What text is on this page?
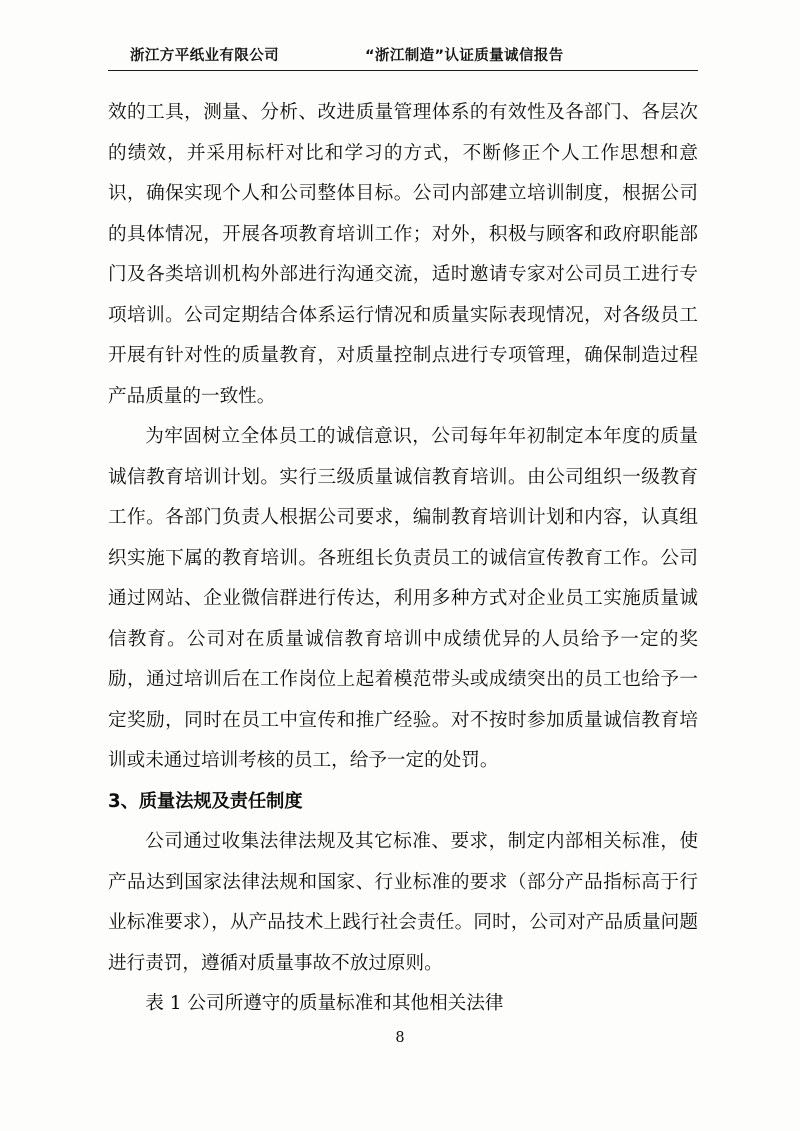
浙江方平纸业有限公司	“浙江制造”认证质量诚信报告

效的工具，测量、分析、改进质量管理体系的有效性及各部门、各层次的绩效，并采用标杆对比和学习的方式，不断修正个人工作思想和意识，确保实现个人和公司整体目标。公司内部建立培训制度，根据公司的具体情况，开展各项教育培训工作；对外，积极与顾客和政府职能部门及各类培训机构外部进行沟通交流，适时邀请专家对公司员工进行专项培训。公司定期结合体系运行情况和质量实际表现情况，对各级员工开展有针对性的质量教育，对质量控制点进行专项管理，确保制造过程产品质量的一致性。

为牢固树立全体员工的诚信意识，公司每年年初制定本年度的质量诚信教育培训计划。实行三级质量诚信教育培训。由公司组织一级教育工作。各部门负责人根据公司要求，编制教育培训计划和内容，认真组织实施下属的教育培训。各班组长负责员工的诚信宣传教育工作。公司通过网站、企业微信群进行传达，利用多种方式对企业员工实施质量诚信教育。公司对在质量诚信教育培训中成绩优异的人员给予一定的奖励，通过培训后在工作岗位上起着模范带头或成绩突出的员工也给予一定奖励，同时在员工中宣传和推广经验。对不按时参加质量诚信教育培训或未通过培训考核的员工，给予一定的处罚。

3、质量法规及责任制度

公司通过收集法律法规及其它标准、要求，制定内部相关标准，使产品达到国家法律法规和国家、行业标准的要求（部分产品指标高于行业标准要求），从产品技术上践行社会责任。同时，公司对产品质量问题进行责罚，遵循对质量事故不放过原则。

表 1 公司所遵守的质量标准和其他相关法律

8
